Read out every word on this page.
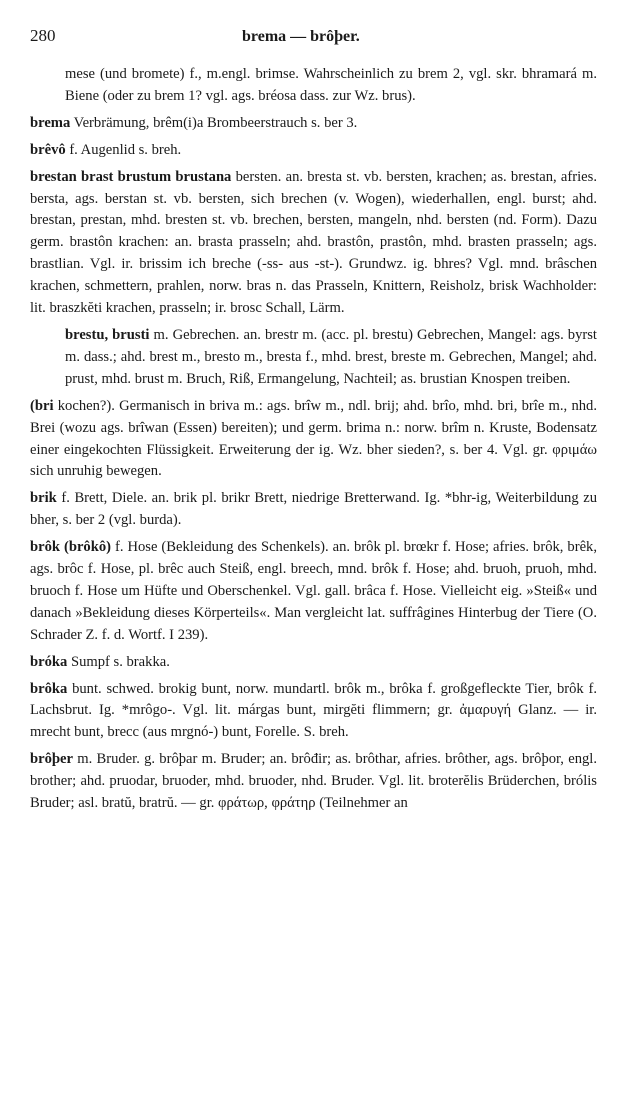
280	brema — brôþer.

mese (und bromete) f., m.engl. brimse. Wahrscheinlich zu brem 2, vgl. skr. bhramará m. Biene (oder zu brem 1? vgl. ags. bréosa dass. zur Wz. brus).

brema Verbrämung, brêm(i)a Brombeerstrauch s. ber 3.

brêvô f. Augenlid s. breh.

brestan brast brustum brustana bersten. an. bresta st. vb. bersten, krachen; as. brestan, afries. bersta, ags. berstan st. vb. bersten, sich brechen (v. Wogen), wiederhallen, engl. burst; ahd. brestan, prestan, mhd. bresten st. vb. brechen, bersten, mangeln, nhd. bersten (nd. Form). Dazu germ. brastôn krachen: an. brasta prasseln; ahd. brastôn, prastôn, mhd. brasten prasseln; ags. brastlian. Vgl. ir. brissim ich breche (-ss- aus -st-). Grundwz. ig. bhres? Vgl. mnd. brâschen krachen, schmettern, prahlen, norw. bras n. das Prasseln, Knittern, Reisholz, brisk Wachholder: lit. braszkĕti krachen, prasseln; ir. brosc Schall, Lärm.

brestu, brusti m. Gebrechen. an. brestr m. (acc. pl. brestu) Gebrechen, Mangel: ags. byrst m. dass.; ahd. brest m., bresto m., bresta f., mhd. brest, breste m. Gebrechen, Mangel; ahd. prust, mhd. brust m. Bruch, Riß, Ermangelung, Nachteil; as. brustian Knospen treiben.

(bri kochen?). Germanisch in briva m.: ags. brîw m., ndl. brij; ahd. brîo, mhd. bri, brîe m., nhd. Brei (wozu ags. brîwan (Essen) bereiten); und germ. brima n.: norw. brîm n. Kruste, Bodensatz einer eingekochten Flüssigkeit. Erweiterung der ig. Wz. bher sieden?, s. ber 4. Vgl. gr. φριμάω sich unruhig bewegen.

brik f. Brett, Diele. an. brik pl. brikr Brett, niedrige Bretterwand. Ig. *bhr-ig, Weiterbildung zu bher, s. ber 2 (vgl. burda).

brôk (brôkô) f. Hose (Bekleidung des Schenkels). an. brôk pl. brœkr f. Hose; afries. brôk, brêk, ags. brôc f. Hose, pl. brêc auch Steiß, engl. breech, mnd. brôk f. Hose; ahd. bruoh, pruoh, mhd. bruoch f. Hose um Hüfte und Oberschenkel. Vgl. gall. brâca f. Hose. Vielleicht eig. »Steiß« und danach »Bekleidung dieses Körperteils«. Man vergleicht lat. suffrâgines Hinterbug der Tiere (O. Schrader Z. f. d. Wortf. I 239).

bróka Sumpf s. brakka.

brôka bunt. schwed. brokig bunt, norw. mundartl. brôk m., brôka f. großgefleckte Tier, brôk f. Lachsbrut. Ig. *mrôgo-. Vgl. lit. márgas bunt, mirgĕti flimmern; gr. ἀμαρυγή Glanz. — ir. mrecht bunt, brecc (aus mrgnó-) bunt, Forelle. S. breh.

brôþer m. Bruder. g. brôþar m. Bruder; an. brôđir; as. brôthar, afries. brôther, ags. brôþor, engl. brother; ahd. pruodar, bruoder, mhd. bruoder, nhd. Bruder. Vgl. lit. broterĕlis Brüderchen, brólis Bruder; asl. bratŭ, bratrŭ. — gr. φράτωρ, φράτηρ (Teilnehmer an
